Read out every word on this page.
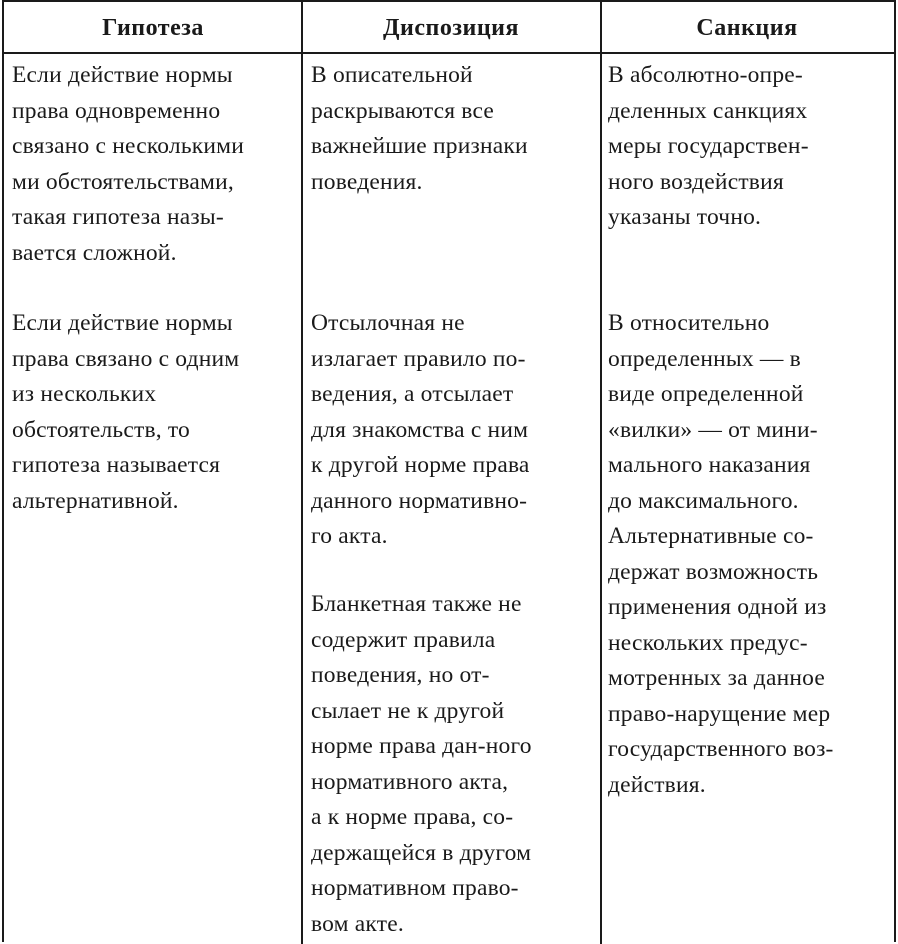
Гипотеза	Диспозиция	Санкция

Если действие нормы
права одновременно
связано с несколькими
ми обстоятельствами,
такая гипотеза назы-
вается сложной.

Если действие нормы
права связано с одним
из нескольких
обстоятельств, то
гипотеза называется
альтернативной.

В описательной
раскрываются все
важнейшие признаки
поведения.

Отсылочная не
излагает правило по-
ведения, а отсылает
для знакомства с ним
к другой норме права
данного нормативно-
го акта.

Бланкетная также не
содержит правила
поведения, но от-
сылает не к другой
норме права дан-ного
нормативного акта,
а к норме права, со-
держащейся в другом
нормативном право-
вом акте.

В абсолютно-опре-
деленных санкциях
меры государствен-
ного воздействия
указаны точно.

В относительно
определенных — в
виде определенной
«вилки» — от мини-
мального наказания
до максимального.
Альтернативные со-
держат возможность
применения одной из
нескольких предус-
мотренных за данное
право-нарущение мер
государственного воз-
действия.
